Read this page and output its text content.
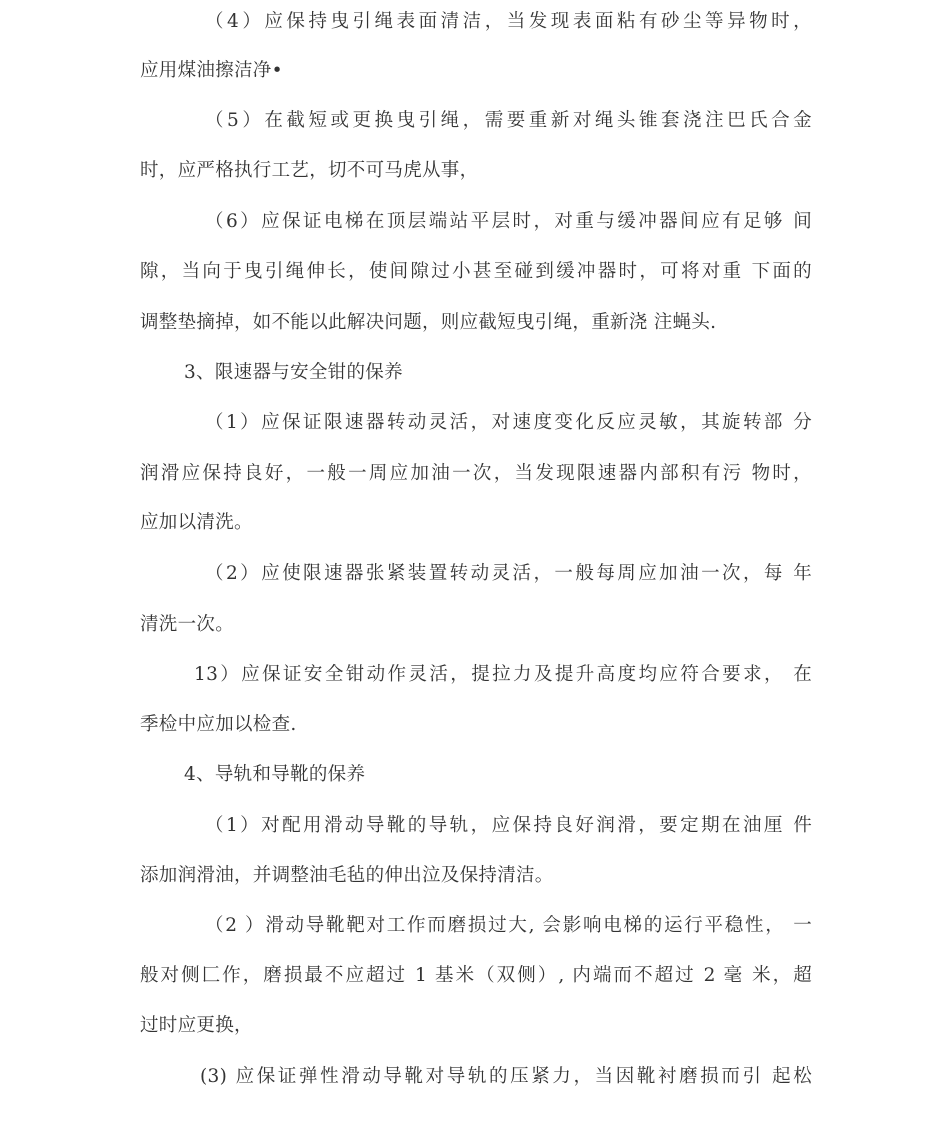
（4）应保持曳引绳表面清洁，当发现表面粘有砂尘等异物时，
应用煤油擦洁净•
（5）在截短或更换曳引绳，需要重新对绳头锥套浇注巴氏合金
时，应严格执行工艺，切不可马虎从事，
（6）应保证电梯在顶层端站平层时，对重与缓冲器间应有足够 间
隙，当向于曳引绳伸长，使间隙过小甚至碰到缓冲器时，可将对重 下面的
调整垫摘掉，如不能以此解决问题，则应截短曳引绳，重新浇 注蝇头.
3、限速器与安全钳的保养
（1）应保证限速器转动灵活，对速度变化反应灵敏，其旋转部 分
润滑应保持良好，一般一周应加油一次，当发现限速器内部积有污 物时，
应加以清洗。
（2）应使限速器张紧装置转动灵活，一般每周应加油一次，每 年
清洗一次。
13）应保证安全钳动作灵活，提拉力及提升高度均应符合要求， 在
季检中应加以检查.
4、导轨和导靴的保养
（1）对配用滑动导靴的导轨，应保持良好润滑，要定期在油厘 件
添加润滑油，并调整油毛毡的伸出泣及保持清洁。
（2 ）滑动导靴靶对工作而磨损过大, 会影响电梯的运行平稳性， 一
般对侧匚作，磨损最不应超过 1 基米（双侧）, 内端而不超过 2 毫 米，超
过时应更换，
(3) 应保证弹性滑动导靴对导轨的压紧力，当因靴衬磨损而引 起松
